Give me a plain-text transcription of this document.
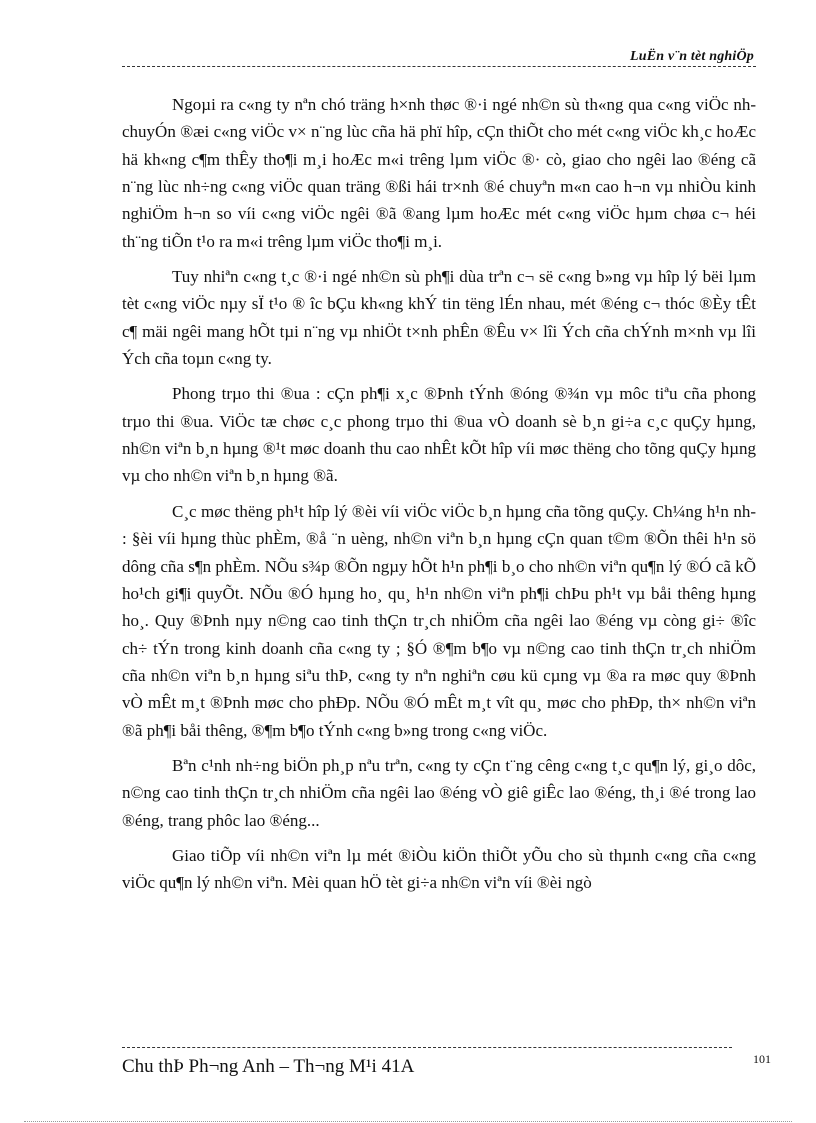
LuËn v¨n tèt nghiÖp

Ngoµi ra c«ng ty nªn chó träng h×nh thøc ®·i ngé nh©n sù th«ng qua c«ng viÖc nh chuyÓn ®æi c«ng viÖc v× n¨ng lùc cña hä phï hîp, cÇn thiÕt cho mét c«ng viÖc kh¸c hoÆc hä kh«ng c¶m thÊy tho¶i m¸i hoÆc m«i trêng lµm viÖc ®· cò, giao cho ngêi lao ®éng cã n¨ng lùc nh÷ng c«ng viÖc quan träng ®ßi hái tr×nh ®é chuyªn m«n cao h¬n vµ nhiÒu kinh nghiÖm h¬n so víi c«ng viÖc ngêi ®ã ®ang lµm hoÆc mét c«ng viÖc hµm chøa c¬ héi th¨ng tiÕn t¹o ra m«i trêng lµm viÖc tho¶i m¸i.

Tuy nhiªn c«ng t¸c ®·i ngé nh©n sù ph¶i dùa trªn c¬ së c«ng b»ng vµ hîp lý bëi lµm tèt c«ng viÖc nµy sÏ t¹o ® îc bÇu kh«ng khÝ tin tëng lÉn nhau, mét ®éng c¬ thóc ®Èy tÊt c¶ mäi ngêi mang hÕt tµi n¨ng vµ nhiÖt t×nh phÊn ®Êu v× lîi Ých cña chÝnh m×nh vµ lîi Ých cña toµn c«ng ty.

Phong trµo thi ®ua : cÇn ph¶i x¸c ®Þnh tÝnh ®óng ®¾n vµ môc tiªu cña phong trµo thi ®ua. ViÖc tæ chøc c¸c phong trµo thi ®ua vÒ doanh sè b¸n gi÷a c¸c quÇy hµng, nh©n viªn b¸n hµng ®¹t møc doanh thu cao nhÊt kÕt hîp víi møc thëng cho tõng quÇy hµng vµ cho nh©n viªn b¸n hµng ®ã.

C¸c møc thëng ph¹t hîp lý ®èi víi viÖc viÖc b¸n hµng cña tõng quÇy. Ch¼ng h¹n nh : §èi víi hµng thùc phÈm, ®å ¨n uèng, nh©n viªn b¸n hµng cÇn quan t©m ®Õn thêi h¹n sö dông cña s¶n phÈm. NÕu s¾p ®Õn ngµy hÕt h¹n ph¶i b¸o cho nh©n viªn qu¶n lý ®Ó cã kÕ ho¹ch gi¶i quyÕt. NÕu ®Ó hµng ho¸ qu¸ h¹n nh©n viªn ph¶i chÞu ph¹t vµ båi thêng hµng ho¸. Quy ®Þnh nµy n©ng cao tinh thÇn tr¸ch nhiÖm cña ngêi lao ®éng vµ còng gi÷ ®îc ch÷ tÝn trong kinh doanh cña c«ng ty ; §Ó ®¶m b¶o vµ n©ng cao tinh thÇn tr¸ch nhiÖm cña nh©n viªn b¸n hµng siªu thÞ, c«ng ty nªn nghiªn cøu kü cµng vµ ®a ra møc quy ®Þnh vÒ mÊt m¸t ®Þnh møc cho phÐp. NÕu ®Ó mÊt m¸t vît qu¸ møc cho phÐp, th× nh©n viªn ®ã ph¶i båi thêng, ®¶m b¶o tÝnh c«ng b»ng trong c«ng viÖc.

Bªn c¹nh nh÷ng biÖn ph¸p nªu trªn, c«ng ty cÇn t¨ng cêng c«ng t¸c qu¶n lý, gi¸o dôc, n©ng cao tinh thÇn tr¸ch nhiÖm cña ngêi lao ®éng vÒ giê giÊc lao ®éng, th¸i ®é trong lao ®éng, trang phôc lao ®éng...

Giao tiÕp víi nh©n viªn lµ mét ®iÒu kiÖn thiÕt yÕu cho sù thµnh c«ng cña c«ng viÖc qu¶n lý nh©n viªn. Mèi quan hÖ tèt gi÷a nh©n viªn víi ®èi ngò

101
Chu thÞ Ph¬ng Anh – Th¬ng M¹i 41A
